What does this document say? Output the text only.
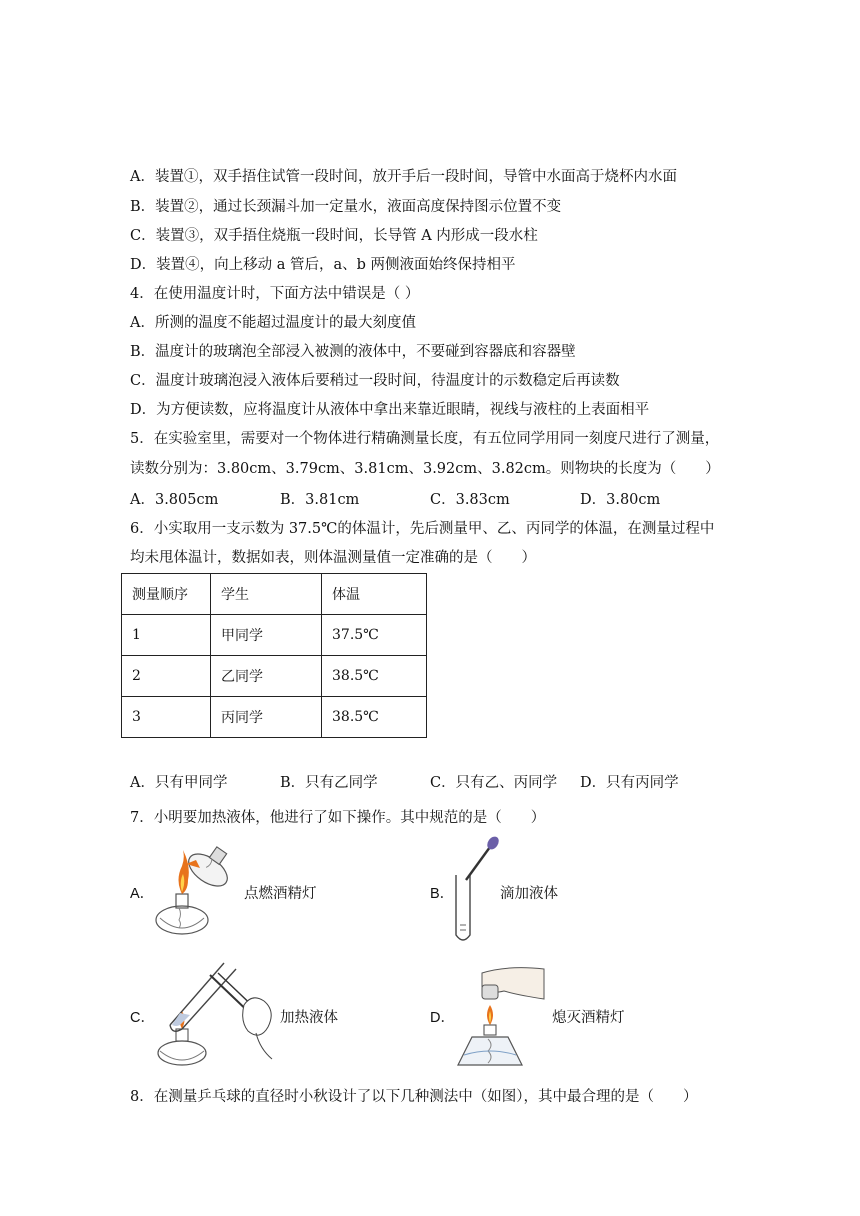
A．装置①，双手捂住试管一段时间，放开手后一段时间，导管中水面高于烧杯内水面
B．装置②，通过长颈漏斗加一定量水，液面高度保持图示位置不变
C．装置③，双手捂住烧瓶一段时间，长导管 A 内形成一段水柱
D．装置④，向上移动 a 管后，a、b 两侧液面始终保持相平
4．在使用温度计时，下面方法中错误是（ ）
A．所测的温度不能超过温度计的最大刻度值
B．温度计的玻璃泡全部浸入被测的液体中，不要碰到容器底和容器壁
C．温度计玻璃泡浸入液体后要稍过一段时间，待温度计的示数稳定后再读数
D．为方便读数，应将温度计从液体中拿出来靠近眼睛，视线与液柱的上表面相平
5．在实验室里，需要对一个物体进行精确测量长度，有五位同学用同一刻度尺进行了测量，
读数分别为：3.80cm、3.79cm、3.81cm、3.92cm、3.82cm。则物块的长度为（　　）
A．3.805cm	B．3.81cm	C．3.83cm	D．3.80cm
6．小实取用一支示数为 37.5℃的体温计，先后测量甲、乙、丙同学的体温，在测量过程中
均未甩体温计，数据如表，则体温测量值一定准确的是（　　）
测量顺序	学生	体温
1	甲同学	37.5℃
2	乙同学	38.5℃
3	丙同学	38.5℃
A．只有甲同学	B．只有乙同学	C．只有乙、丙同学 D．只有丙同学
7．小明要加热液体，他进行了如下操作。其中规范的是（　　）
A．	点燃酒精灯	B．	滴加液体
C．	加热液体	D．	熄灭酒精灯
8．在测量乒乓球的直径时小秋设计了以下几种测法中（如图），其中最合理的是（　　）
